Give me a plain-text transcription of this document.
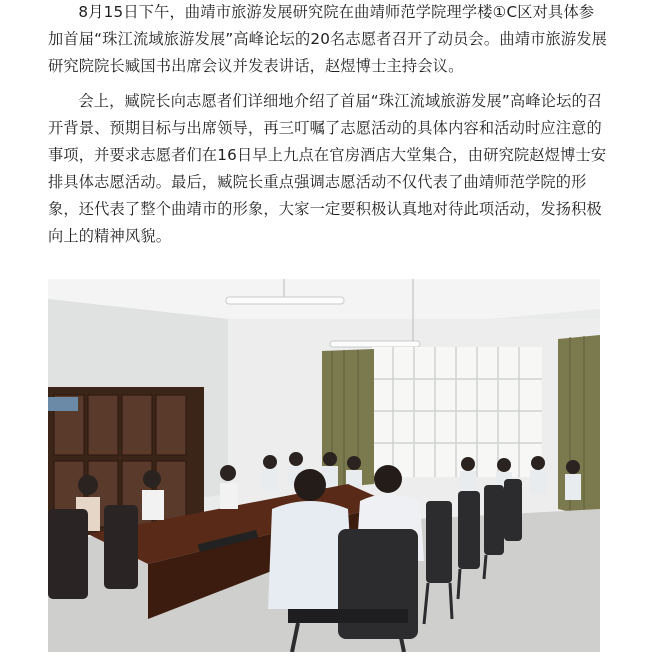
8月15日下午，曲靖市旅游发展研究院在曲靖师范学院理学楼①C区对具体参加首届“珠江流域旅游发展”高峰论坛的20名志愿者召开了动员会。曲靖市旅游发展研究院院长臧国书出席会议并发表讲话，赵煜博士主持会议。

会上，臧院长向志愿者们详细地介绍了首届“珠江流域旅游发展”高峰论坛的召开背景、预期目标与出席领导，再三叮嘱了志愿活动的具体内容和活动时应注意的事项，并要求志愿者们在16日早上九点在官房酒店大堂集合，由研究院赵煜博士安排具体志愿活动。最后，臧院长重点强调志愿活动不仅代表了曲靖师范学院的形象，还代表了整个曲靖市的形象，大家一定要积极认真地对待此项活动，发扬积极向上的精神风貌。
